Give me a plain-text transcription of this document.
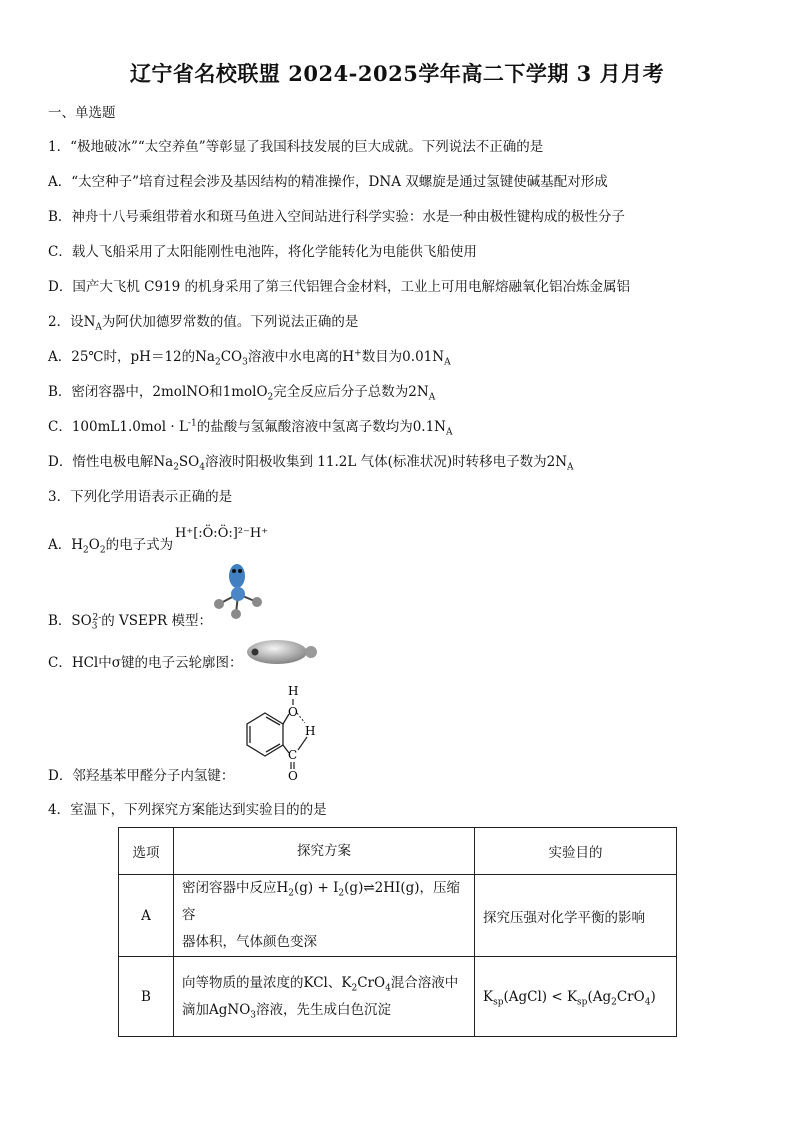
辽宁省名校联盟 2024-2025学年高二下学期 3 月月考
一、单选题
1．“极地破冰”“太空养鱼”等彰显了我国科技发展的巨大成就。下列说法不正确的是
A．“太空种子”培育过程会涉及基因结构的精准操作，DNA 双螺旋是通过氢键使碱基配对形成
B．神舟十八号乘组带着水和斑马鱼进入空间站进行科学实验：水是一种由极性键构成的极性分子
C．载人飞船采用了太阳能刚性电池阵，将化学能转化为电能供飞船使用
D．国产大飞机 C919 的机身采用了第三代铝锂合金材料，工业上可用电解熔融氧化铝冶炼金属铝
2．设$N_A$为阿伏加德罗常数的值。下列说法正确的是
A．25℃时，pH＝12的$Na_2CO_3$溶液中水电离的H+数目为$0.01N_A$
B．密闭容器中，2molNO和1molO$_2$完全反应后分子总数为$2N_A$
C．$100mL1.0mol \cdot L^{-1}$的盐酸与氢氟酸溶液中氢离子数均为$0.1N_A$
D．惰性电极电解$Na_2SO_4$溶液时阳极收集到 11.2L 气体(标准状况)时转移电子数为$2N_A$
3．下列化学用语表示正确的是
A．$H_2O_2$的电子式为
H⁺[:Ö:Ö:]²⁻H⁺
B．$SO_3^{2-}$的 VSEPR 模型：
C．HCl中σ键的电子云轮廓图：
H
O
H
C
O
D．邻羟基苯甲醛分子内氢键：
4．室温下，下列探究方案能达到实验目的的是
选项	探究方案	实验目的
A	密闭容器中反应$H_2(g)$ + $I_2(g)\rightleftharpoons 2HI(g)$，压缩容
器体积，气体颜色变深	探究压强对化学平衡的影响
B	向等物质的量浓度的KCl、$K_2CrO_4$混合溶液中
滴加AgNO$_3$溶液，先生成白色沉淀	$K_{sp}(AgCl) < K_{sp}(Ag_2CrO_4)$
